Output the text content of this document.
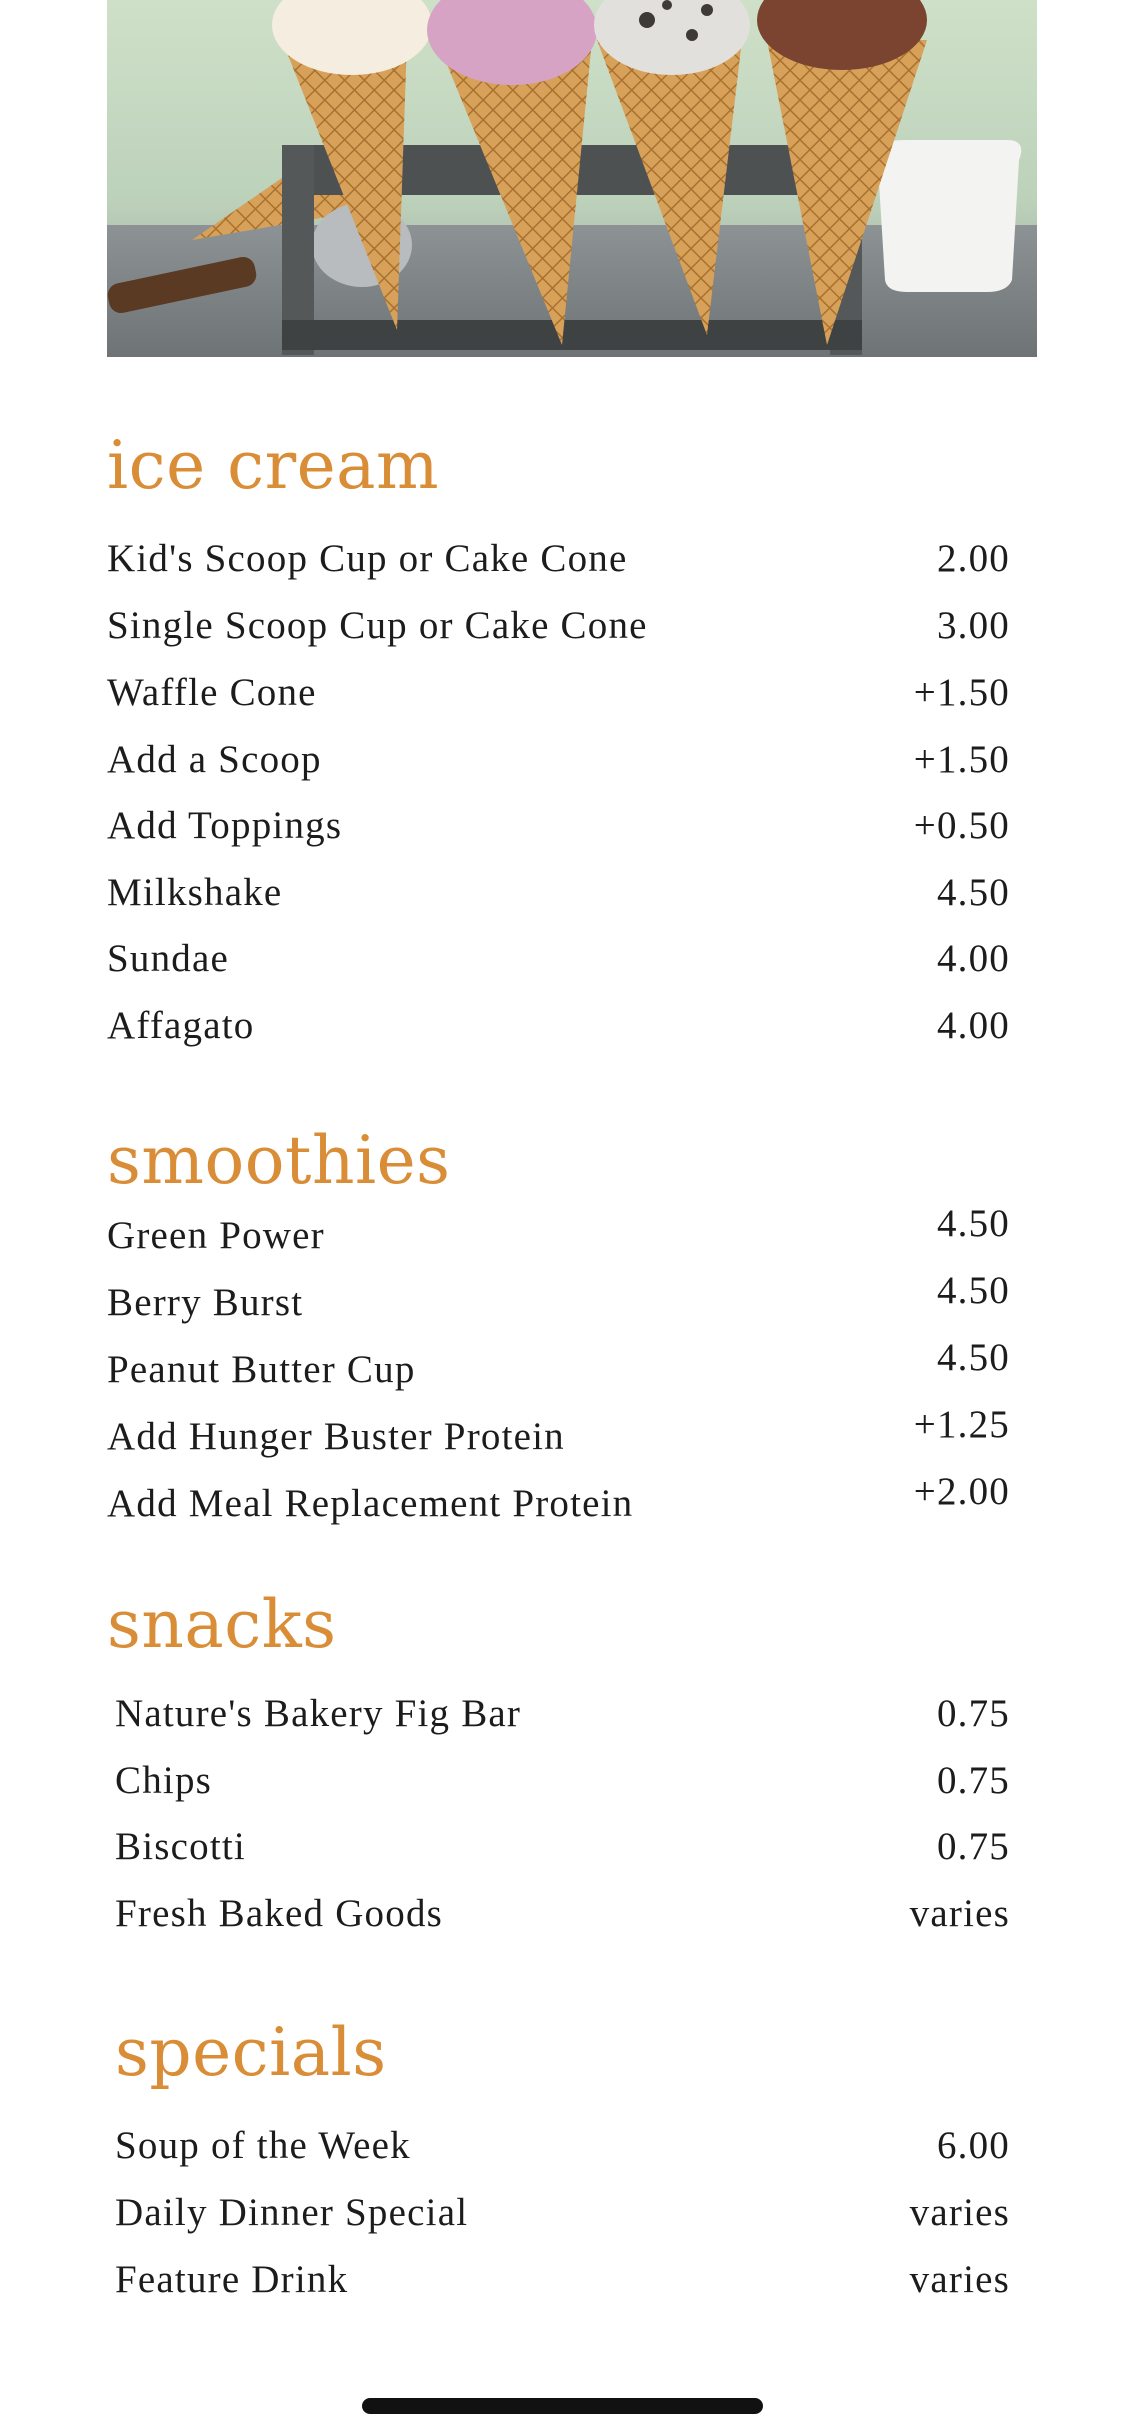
ice cream
Kid's Scoop Cup or Cake Cone	2.00
Single Scoop Cup or Cake Cone	3.00
Waffle Cone	+1.50
Add a Scoop	+1.50
Add Toppings	+0.50
Milkshake	4.50
Sundae	4.00
Affagato	4.00
smoothies
Green Power	4.50
Berry Burst	4.50
Peanut Butter Cup	4.50
Add Hunger Buster Protein	+1.25
Add Meal Replacement Protein	+2.00
snacks
Nature's Bakery Fig Bar	0.75
Chips	0.75
Biscotti	0.75
Fresh Baked Goods	varies
specials
Soup of the Week	6.00
Daily Dinner Special	varies
Feature Drink	varies
